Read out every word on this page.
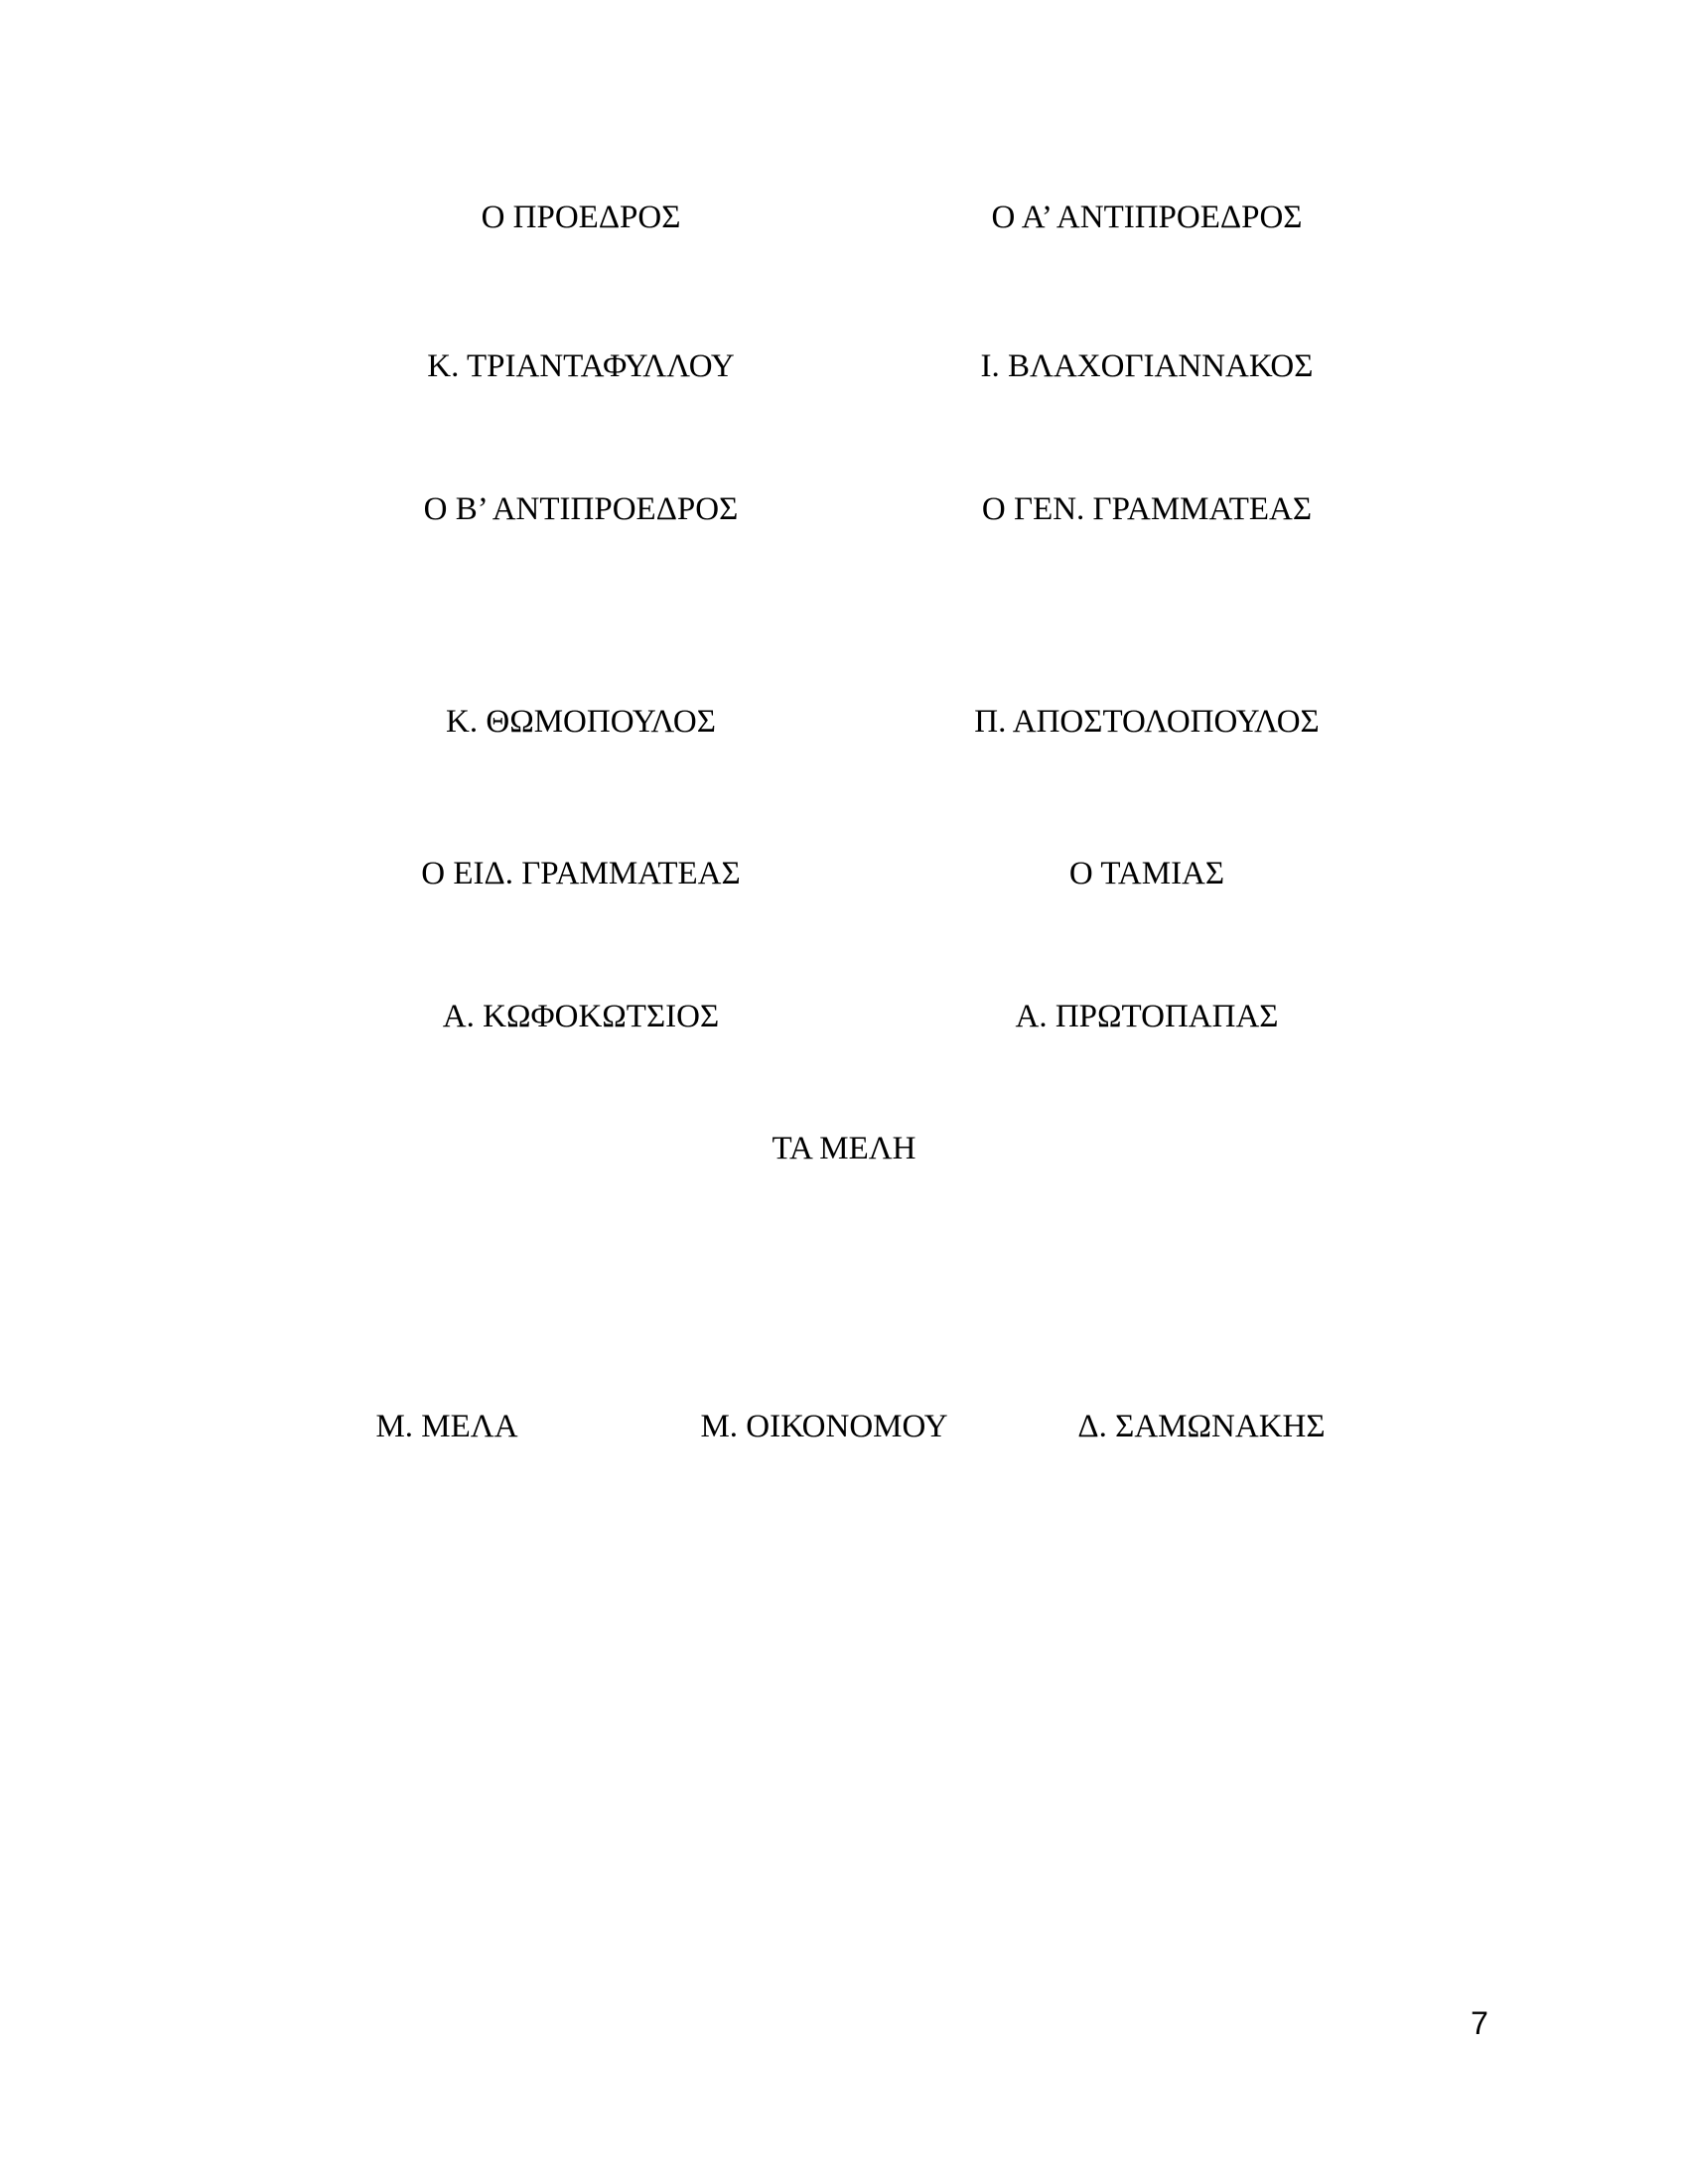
Ο ΠΡΟΕΔΡΟΣ	Ο Α’ ΑΝΤΙΠΡΟΕΔΡΟΣ
Κ. ΤΡΙΑΝΤΑΦΥΛΛΟΥ	Ι. ΒΛΑΧΟΓΙΑΝΝΑΚΟΣ
Ο Β’ ΑΝΤΙΠΡΟΕΔΡΟΣ	Ο ΓΕΝ. ΓΡΑΜΜΑΤΕΑΣ
Κ. ΘΩΜΟΠΟΥΛΟΣ	Π. ΑΠΟΣΤΟΛΟΠΟΥΛΟΣ
Ο ΕΙΔ. ΓΡΑΜΜΑΤΕΑΣ	Ο ΤΑΜΙΑΣ
Α. ΚΩΦΟΚΩΤΣΙΟΣ	Α. ΠΡΩΤΟΠΑΠΑΣ
ΤΑ ΜΕΛΗ
Μ. ΜΕΛΑ	Μ. ΟΙΚΟΝΟΜΟΥ	Δ. ΣΑΜΩΝΑΚΗΣ
7
